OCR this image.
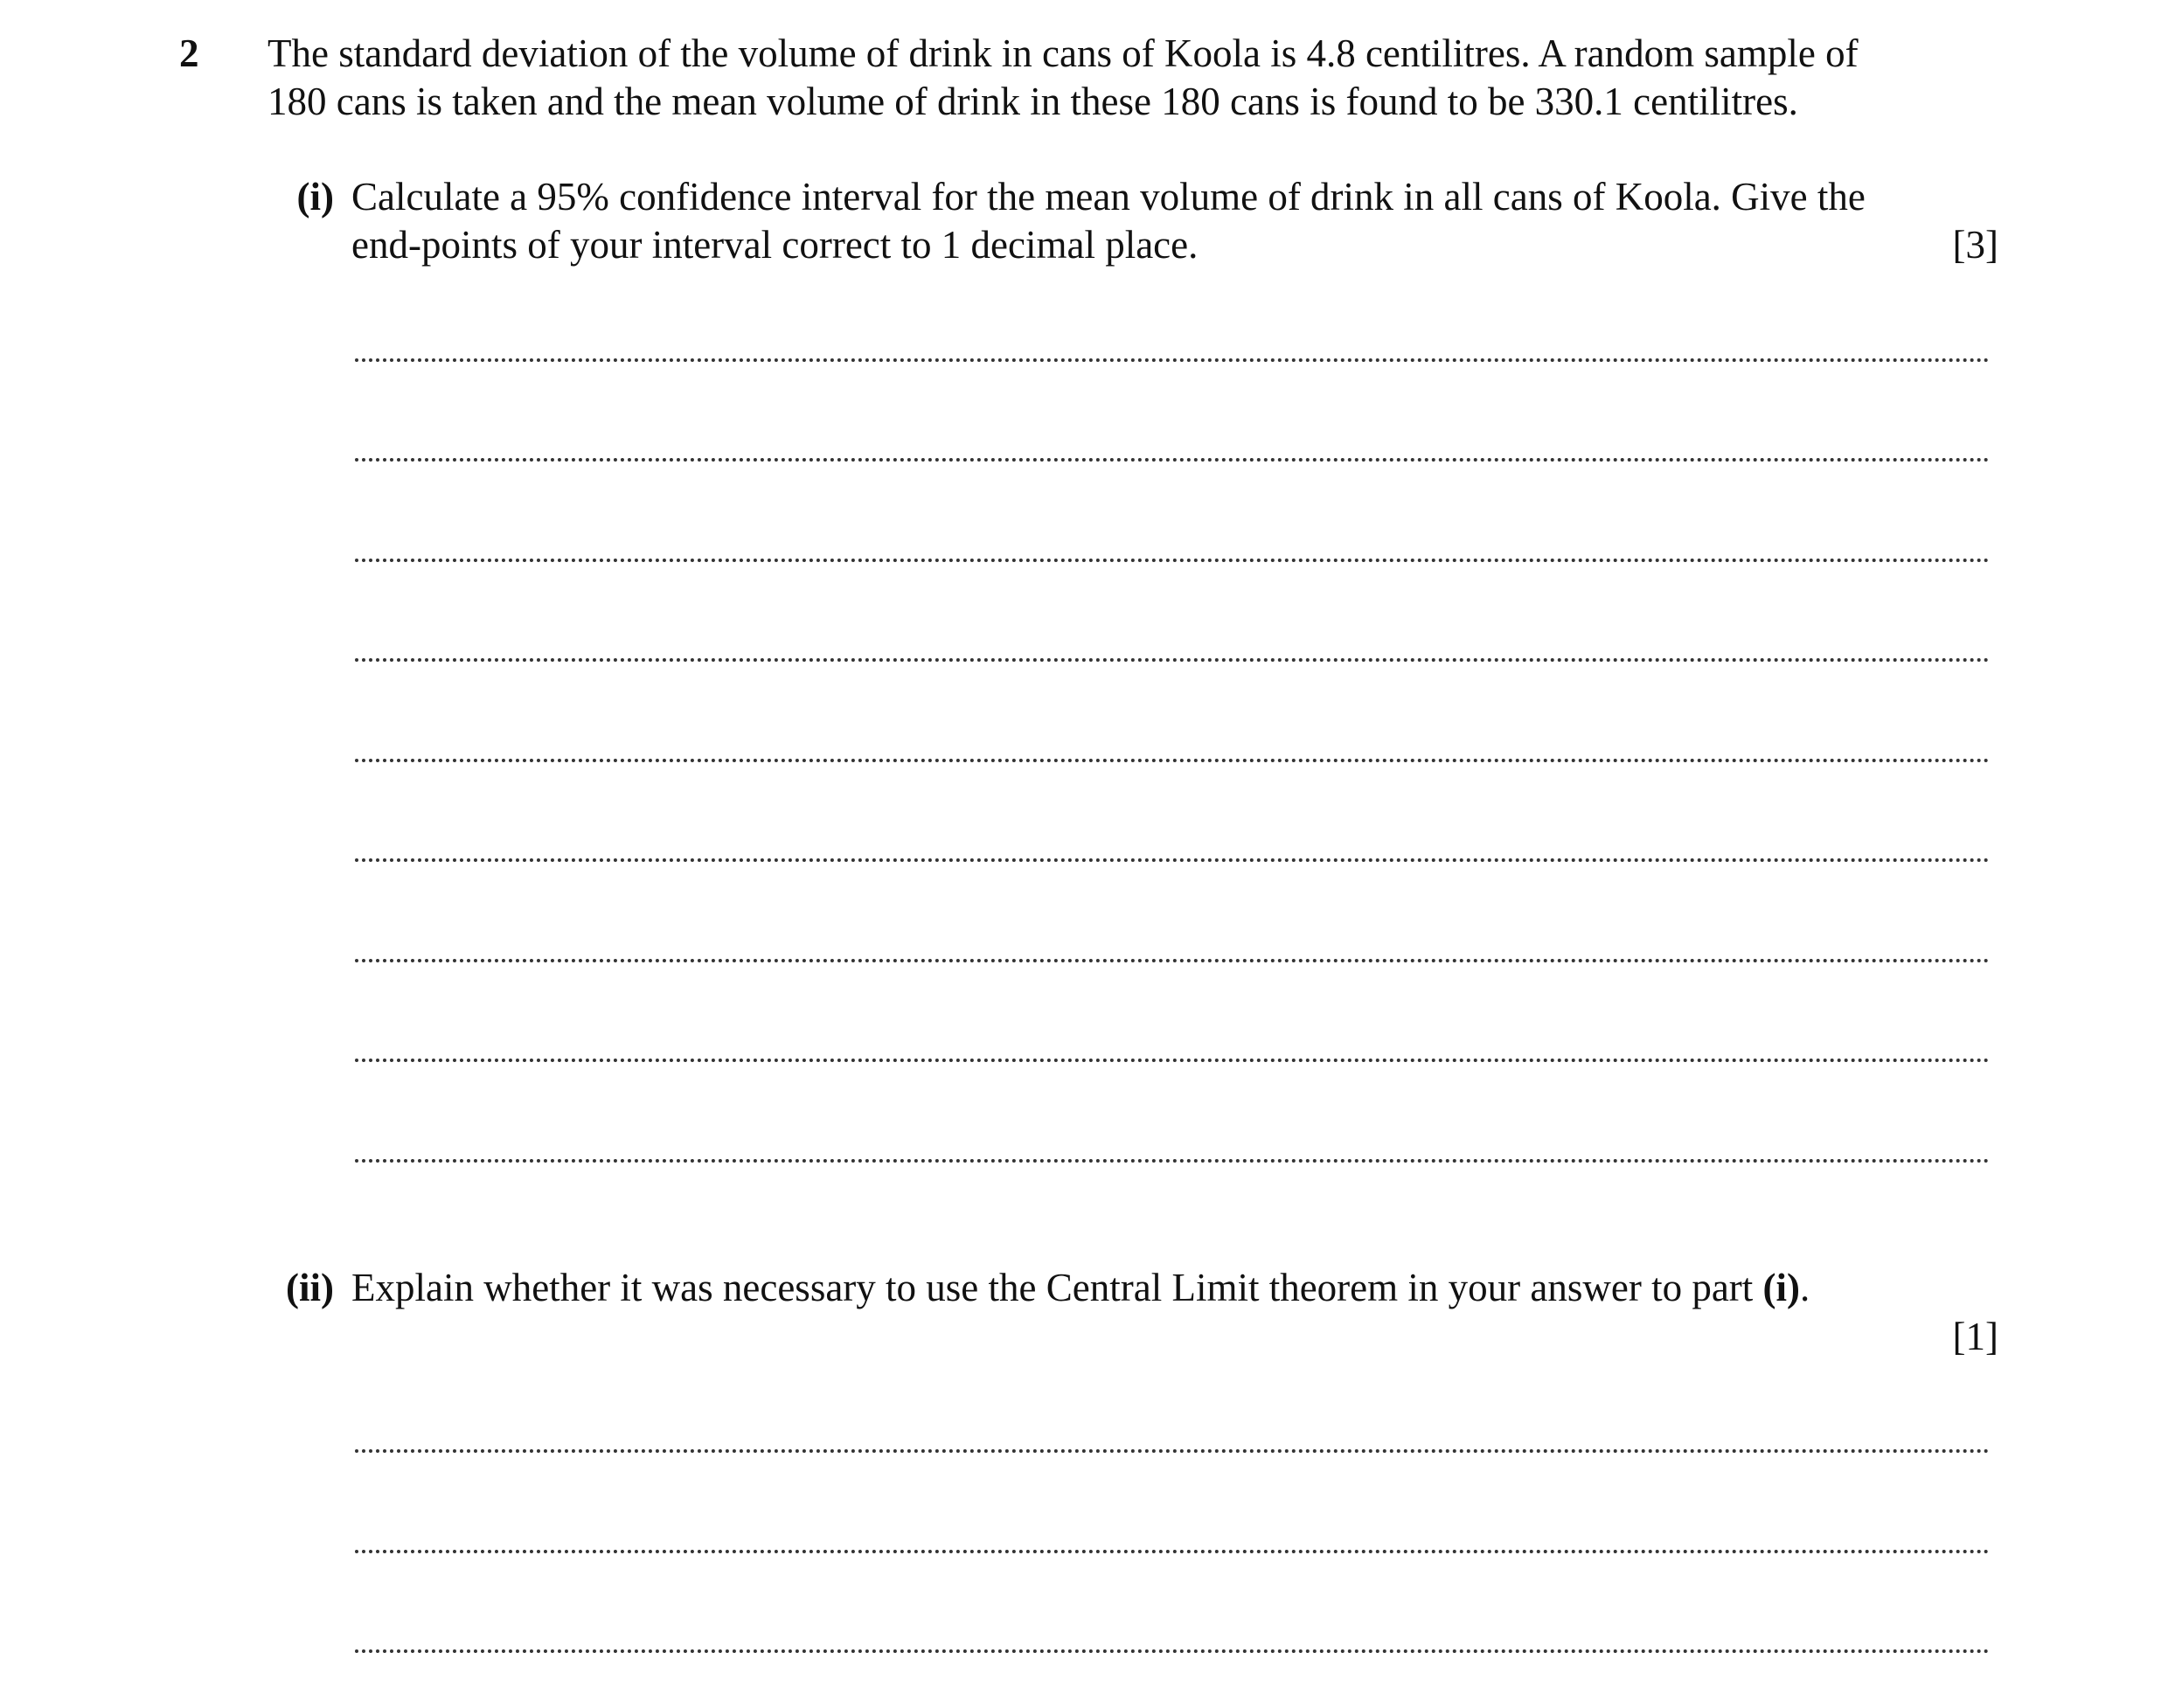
2 The standard deviation of the volume of drink in cans of Koola is 4.8 centilitres. A random sample of
180 cans is taken and the mean volume of drink in these 180 cans is found to be 330.1 centilitres.
(i) Calculate a 95% confidence interval for the mean volume of drink in all cans of Koola. Give the
end-points of your interval correct to 1 decimal place.	[3]
(ii) Explain whether it was necessary to use the Central Limit theorem in your answer to part (i).
[1]
